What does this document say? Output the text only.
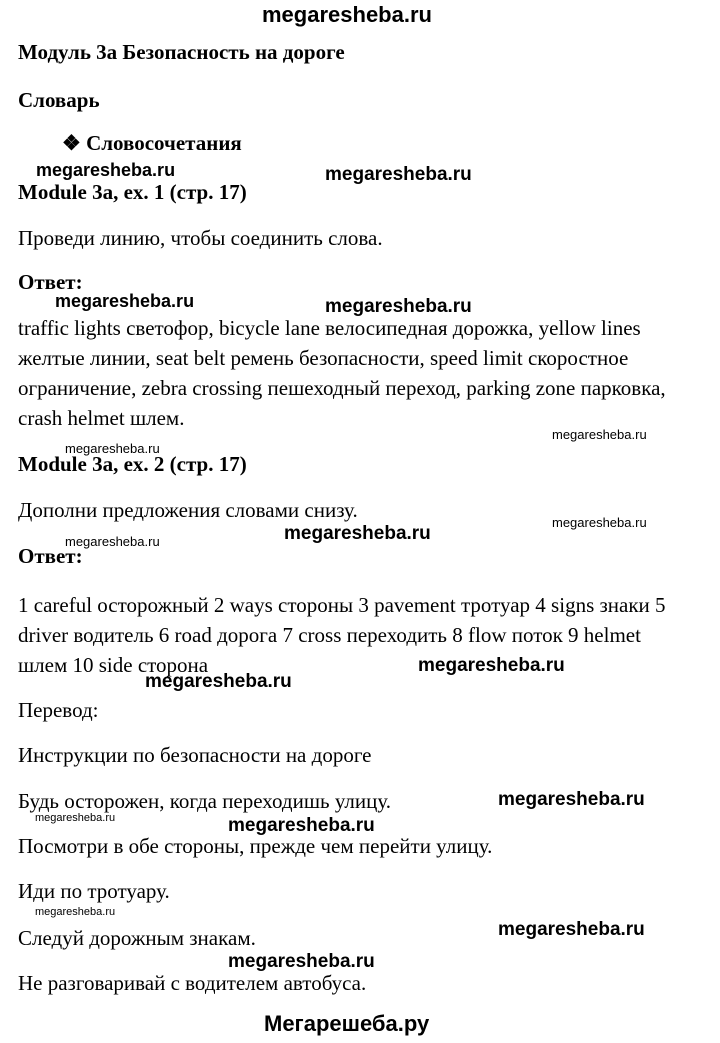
megaresheba.ru
Модуль 3а Безопасность на дороге
Словарь
❖ Словосочетания
Module 3a, ex. 1 (стр. 17)
Проведи линию, чтобы соединить слова.
Ответ:
traffic lights светофор, bicycle lane велосипедная дорожка, yellow lines желтые линии, seat belt ремень безопасности, speed limit скоростное ограничение, zebra crossing пешеходный переход, parking zone парковка, crash helmet шлем.
Module 3a, ex. 2 (стр. 17)
Дополни предложения словами снизу.
Ответ:
1 careful осторожный 2 ways стороны 3 pavement тротуар 4 signs знаки 5 driver водитель 6 road дорога 7 cross переходить 8 flow поток 9 helmet шлем 10 side сторона
Перевод:
Инструкции по безопасности на дороге
Будь осторожен, когда переходишь улицу.
Посмотри в обе стороны, прежде чем перейти улицу.
Иди по тротуару.
Следуй дорожным знакам.
Не разговаривай с водителем автобуса.
megaresheba.ru	megaresheba.ru
megaresheba.ru	megaresheba.ru
megaresheba.ru
megaresheba.ru
megaresheba.ru
megaresheba.ru	megaresheba.ru
megaresheba.ru
megaresheba.ru
megaresheba.ru
megaresheba.ru	megaresheba.ru
megaresheba.ru
megaresheba.ru
megaresheba.ru
Мегарешеба.ру
